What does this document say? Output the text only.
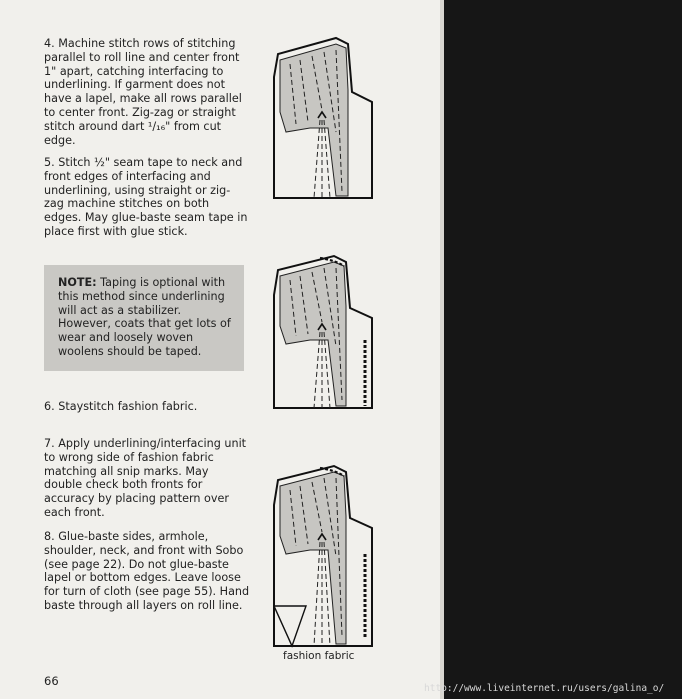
4. Machine stitch rows of stitching parallel to roll line and center front 1" apart, catching interfacing to underlining. If garment does not have a lapel, make all rows parallel to center front. Zig-zag or straight stitch around dart ¹/₁₆" from cut edge.

5. Stitch ½" seam tape to neck and front edges of interfacing and underlining, using straight or zig-zag machine stitches on both edges. May glue-baste seam tape in place first with glue stick.

NOTE: Taping is optional with this method since underlining will act as a stabilizer. However, coats that get lots of wear and loosely woven woolens should be taped.

6. Staystitch fashion fabric.

7. Apply underlining/interfacing unit to wrong side of fashion fabric matching all snip marks. May double check both fronts for accuracy by placing pattern over each front.

8. Glue-baste sides, armhole, shoulder, neck, and front with Sobo (see page 22). Do not glue-baste lapel or bottom edges. Leave loose for turn of cloth (see page 55). Hand baste through all layers on roll line.

fashion fabric
66
http://www.liveinternet.ru/users/galina_o/
